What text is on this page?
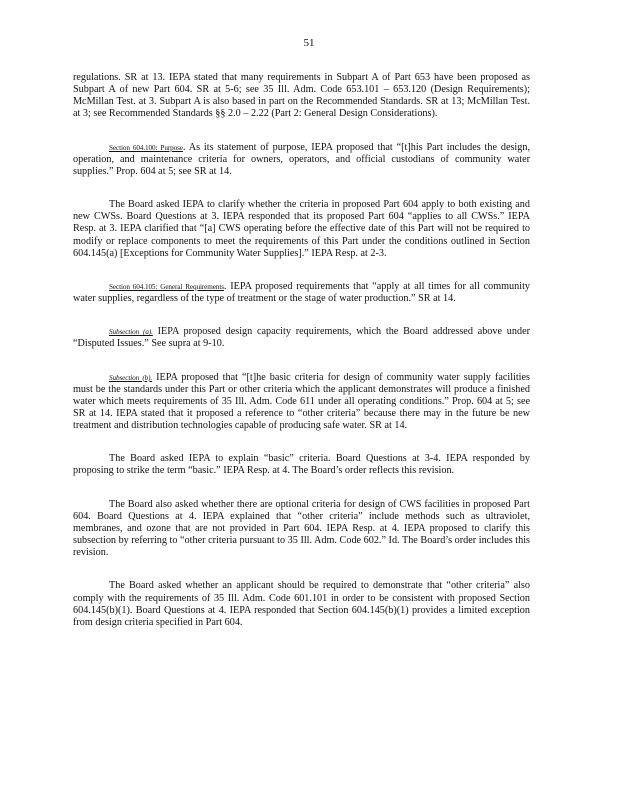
51

regulations. SR at 13. IEPA stated that many requirements in Subpart A of Part 653 have been proposed as Subpart A of new Part 604. SR at 5-6; see 35 Ill. Adm. Code 653.101 – 653.120 (Design Requirements); McMillan Test. at 3. Subpart A is also based in part on the Recommended Standards. SR at 13; McMillan Test. at 3; see Recommended Standards §§ 2.0 – 2.22 (Part 2: General Design Considerations).

Section 604.100: Purpose. As its statement of purpose, IEPA proposed that “[t]his Part includes the design, operation, and maintenance criteria for owners, operators, and official custodians of community water supplies.” Prop. 604 at 5; see SR at 14.

The Board asked IEPA to clarify whether the criteria in proposed Part 604 apply to both existing and new CWSs. Board Questions at 3. IEPA responded that its proposed Part 604 “applies to all CWSs.” IEPA Resp. at 3. IEPA clarified that “[a] CWS operating before the effective date of this Part will not be required to modify or replace components to meet the requirements of this Part under the conditions outlined in Section 604.145(a) [Exceptions for Community Water Supplies].” IEPA Resp. at 2-3.

Section 604.105: General Requirements. IEPA proposed requirements that “apply at all times for all community water supplies, regardless of the type of treatment or the stage of water production.” SR at 14.

Subsection (a). IEPA proposed design capacity requirements, which the Board addressed above under “Disputed Issues.” See supra at 9-10.

Subsection (b). IEPA proposed that “[t]he basic criteria for design of community water supply facilities must be the standards under this Part or other criteria which the applicant demonstrates will produce a finished water which meets requirements of 35 Ill. Adm. Code 611 under all operating conditions.” Prop. 604 at 5; see SR at 14. IEPA stated that it proposed a reference to “other criteria” because there may in the future be new treatment and distribution technologies capable of producing safe water. SR at 14.

The Board asked IEPA to explain “basic” criteria. Board Questions at 3-4. IEPA responded by proposing to strike the term “basic.” IEPA Resp. at 4. The Board’s order reflects this revision.

The Board also asked whether there are optional criteria for design of CWS facilities in proposed Part 604. Board Questions at 4. IEPA explained that “other criteria” include methods such as ultraviolet, membranes, and ozone that are not provided in Part 604. IEPA Resp. at 4. IEPA proposed to clarify this subsection by referring to “other criteria pursuant to 35 Ill. Adm. Code 602.” Id. The Board’s order includes this revision.

The Board asked whether an applicant should be required to demonstrate that “other criteria” also comply with the requirements of 35 Ill. Adm. Code 601.101 in order to be consistent with proposed Section 604.145(b)(1). Board Questions at 4. IEPA responded that Section 604.145(b)(1) provides a limited exception from design criteria specified in Part 604.
